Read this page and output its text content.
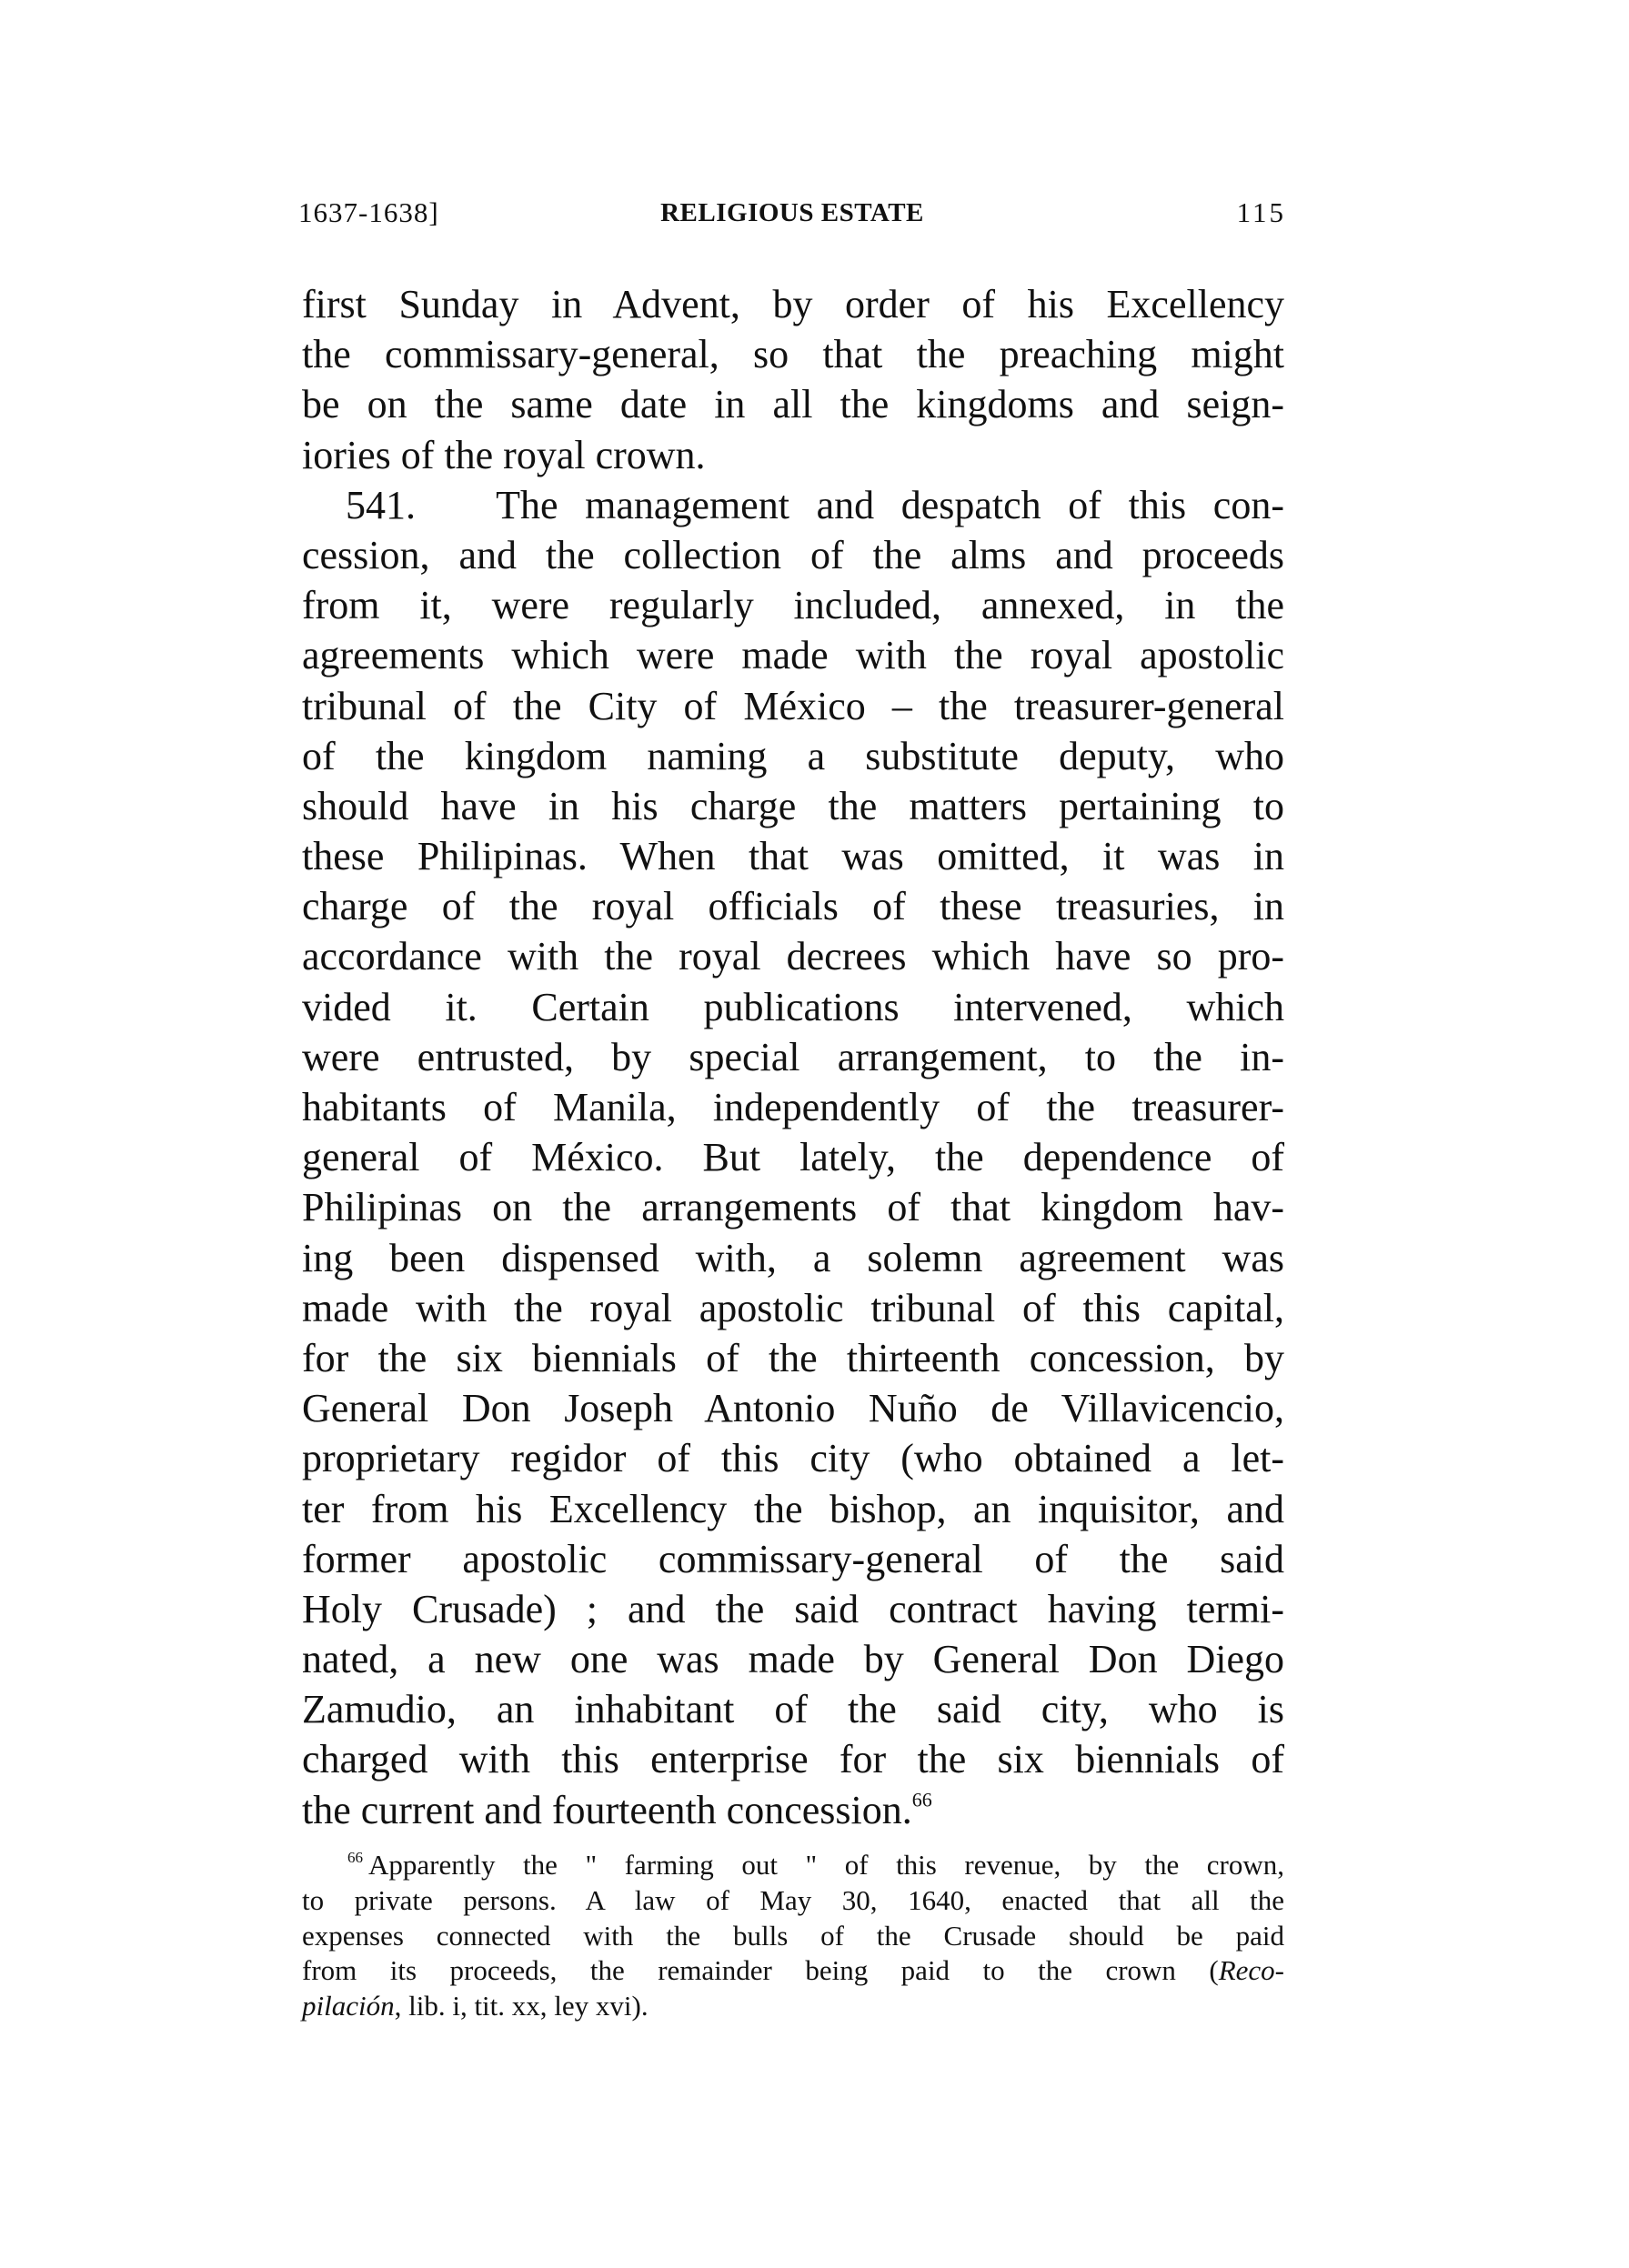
1637-1638]	RELIGIOUS ESTATE	115
first Sunday in Advent, by order of his Excellency
the commissary-general, so that the preaching might
be on the same date in all the kingdoms and seign-
iories of the royal crown.
541. The management and despatch of this con-
cession, and the collection of the alms and proceeds
from it, were regularly included, annexed, in the
agreements which were made with the royal apostolic
tribunal of the City of México – the treasurer-general
of the kingdom naming a substitute deputy, who
should have in his charge the matters pertaining to
these Philipinas. When that was omitted, it was in
charge of the royal officials of these treasuries, in
accordance with the royal decrees which have so pro-
vided it. Certain publications intervened, which
were entrusted, by special arrangement, to the in-
habitants of Manila, independently of the treasurer-
general of México. But lately, the dependence of
Philipinas on the arrangements of that kingdom hav-
ing been dispensed with, a solemn agreement was
made with the royal apostolic tribunal of this capital,
for the six biennials of the thirteenth concession, by
General Don Joseph Antonio Nuño de Villavicencio,
proprietary regidor of this city (who obtained a let-
ter from his Excellency the bishop, an inquisitor, and
former apostolic commissary-general of the said
Holy Crusade) ; and the said contract having termi-
nated, a new one was made by General Don Diego
Zamudio, an inhabitant of the said city, who is
charged with this enterprise for the six biennials of
the current and fourteenth concession.$^{66}$
$^{66}$ Apparently the " farming out " of this revenue, by the crown,
to private persons. A law of May 30, 1640, enacted that all the
expenses connected with the bulls of the Crusade should be paid
from its proceeds, the remainder being paid to the crown (Reco-
pilación, lib. i, tit. xx, ley xvi).
